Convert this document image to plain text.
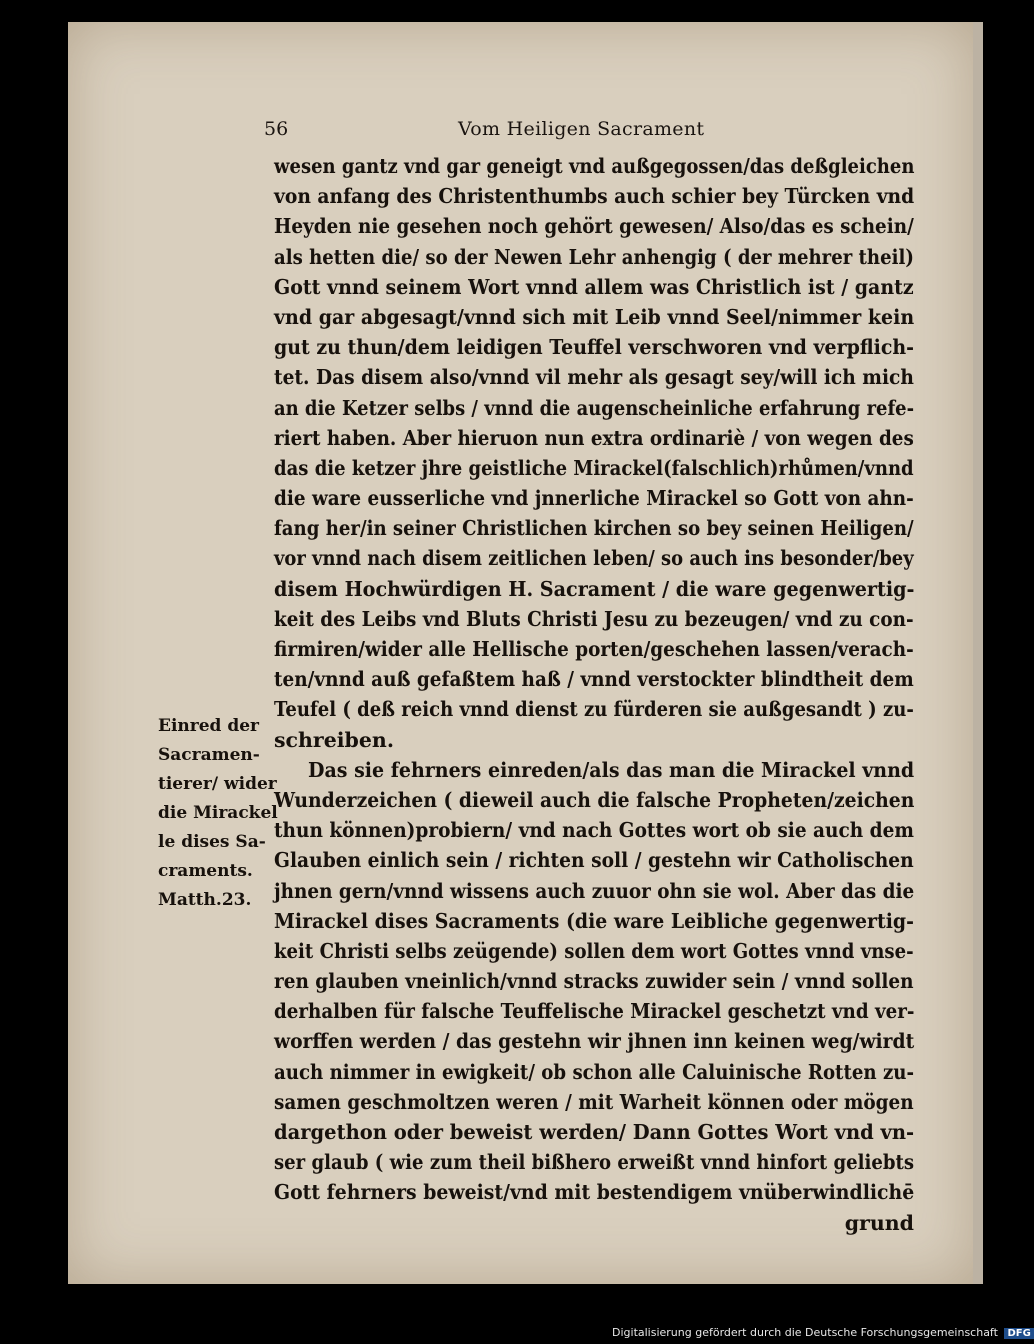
56	Vom Heiligen Sacrament
wesen gantz vnd gar geneigt vnd außgegossen/das deßgleichen
von anfang des Christenthumbs auch schier bey Türcken vnd
Heyden nie gesehen noch gehört gewesen/ Also/das es schein/
als hetten die/ so der Newen Lehr anhengig ( der mehrer theil)
Gott vnnd seinem Wort vnnd allem was Christlich ist / gantz
vnd gar abgesagt/vnnd sich mit Leib vnnd Seel/nimmer kein
gut zu thun/dem leidigen Teuffel verschworen vnd verpflich-
tet. Das disem also/vnnd vil mehr als gesagt sey/will ich mich
an die Ketzer selbs / vnnd die augenscheinliche erfahrung refe-
riert haben. Aber hieruon nun extra ordinariè / von wegen des
das die ketzer jhre geistliche Mirackel(falschlich)rhůmen/vnnd
die ware eusserliche vnd jnnerliche Mirackel so Gott von ahn-
fang her/in seiner Christlichen kirchen so bey seinen Heiligen/
vor vnnd nach disem zeitlichen leben/ so auch ins besonder/bey
disem Hochwürdigen H. Sacrament / die ware gegenwertig-
keit des Leibs vnd Bluts Christi Jesu zu bezeugen/ vnd zu con-
firmiren/wider alle Hellische porten/geschehen lassen/verach-
ten/vnnd auß gefaßtem haß / vnnd verstockter blindtheit dem
Teufel ( deß reich vnnd dienst zu fürderen sie außgesandt ) zu-
schreiben.
Das sie fehrners einreden/als das man die Mirackel vnnd
Wunderzeichen ( dieweil auch die falsche Propheten/zeichen
thun können)probiern/ vnd nach Gottes wort ob sie auch dem
Glauben einlich sein / richten soll / gestehn wir Catholischen
jhnen gern/vnnd wissens auch zuuor ohn sie wol. Aber das die
Mirackel dises Sacraments (die ware Leibliche gegenwertig-
keit Christi selbs zeügende) sollen dem wort Gottes vnnd vnse-
ren glauben vneinlich/vnnd stracks zuwider sein / vnnd sollen
derhalben für falsche Teuffelische Mirackel geschetzt vnd ver-
worffen werden / das gestehn wir jhnen inn keinen weg/wirdt
auch nimmer in ewigkeit/ ob schon alle Caluinische Rotten zu-
samen geschmoltzen weren / mit Warheit können oder mögen
dargethon oder beweist werden/ Dann Gottes Wort vnd vn-
ser glaub ( wie zum theil bißhero erweißt vnnd hinfort geliebts
Gott fehrners beweist/vnd mit bestendigem vnüberwindlichē
grund
Einred der
Sacramen-
tierer/ wider
die Mirackel
le dises Sa-
craments.
Matth.23.
Digitalisierung gefördert durch die Deutsche Forschungsgemeinschaft DFG
